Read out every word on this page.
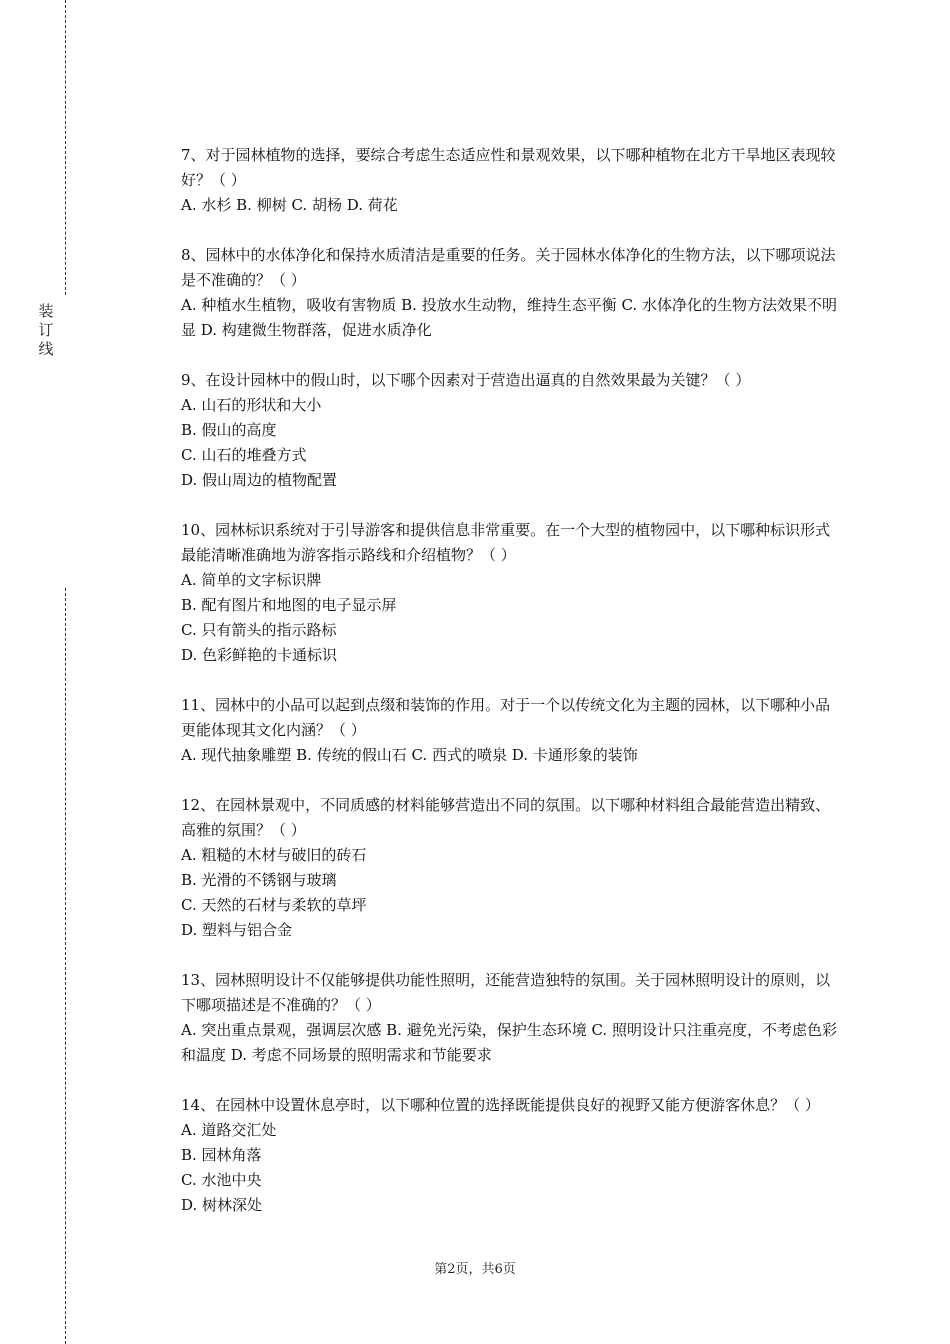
装
订
线

7、对于园林植物的选择，要综合考虑生态适应性和景观效果，以下哪种植物在北方干旱地区表现较好？（ ）

A. 水杉 B. 柳树 C. 胡杨 D. 荷花

8、园林中的水体净化和保持水质清洁是重要的任务。关于园林水体净化的生物方法，以下哪项说法是不准确的？（ ）

A. 种植水生植物，吸收有害物质 B. 投放水生动物，维持生态平衡 C. 水体净化的生物方法效果不明显 D. 构建微生物群落，促进水质净化

9、在设计园林中的假山时，以下哪个因素对于营造出逼真的自然效果最为关键？（ ）

A. 山石的形状和大小

B. 假山的高度

C. 山石的堆叠方式

D. 假山周边的植物配置

10、园林标识系统对于引导游客和提供信息非常重要。在一个大型的植物园中，以下哪种标识形式最能清晰准确地为游客指示路线和介绍植物？（ ）

A. 简单的文字标识牌

B. 配有图片和地图的电子显示屏

C. 只有箭头的指示路标

D. 色彩鲜艳的卡通标识

11、园林中的小品可以起到点缀和装饰的作用。对于一个以传统文化为主题的园林，以下哪种小品更能体现其文化内涵？（ ）

A. 现代抽象雕塑 B. 传统的假山石 C. 西式的喷泉 D. 卡通形象的装饰

12、在园林景观中，不同质感的材料能够营造出不同的氛围。以下哪种材料组合最能营造出精致、高雅的氛围？（ ）

A. 粗糙的木材与破旧的砖石

B. 光滑的不锈钢与玻璃

C. 天然的石材与柔软的草坪

D. 塑料与铝合金

13、园林照明设计不仅能够提供功能性照明，还能营造独特的氛围。关于园林照明设计的原则，以下哪项描述是不准确的？（ ）

A. 突出重点景观，强调层次感 B. 避免光污染，保护生态环境 C. 照明设计只注重亮度，不考虑色彩和温度 D. 考虑不同场景的照明需求和节能要求

14、在园林中设置休息亭时，以下哪种位置的选择既能提供良好的视野又能方便游客休息？（ ）

A. 道路交汇处

B. 园林角落

C. 水池中央

D. 树林深处

第2页，共6页
